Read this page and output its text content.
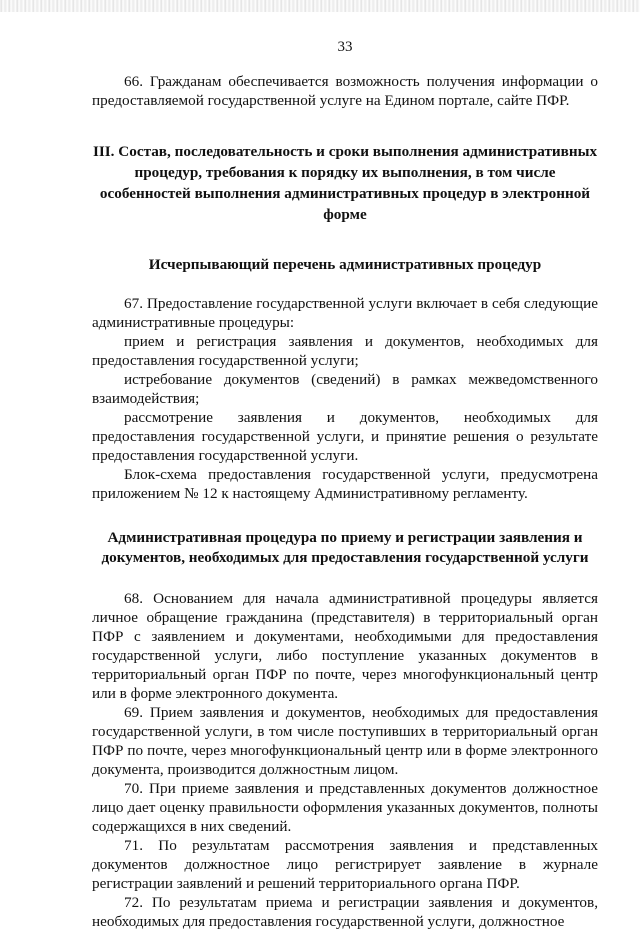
33

66. Гражданам обеспечивается возможность получения информации о предоставляемой государственной услуге на Едином портале, сайте ПФР.

III. Состав, последовательность и сроки выполнения административных процедур, требования к порядку их выполнения, в том числе особенностей выполнения административных процедур в электронной форме
Исчерпывающий перечень административных процедур

67. Предоставление государственной услуги включает в себя следующие административные процедуры:

прием и регистрация заявления и документов, необходимых для предоставления государственной услуги;

истребование документов (сведений) в рамках межведомственного взаимодействия;

рассмотрение заявления и документов, необходимых для предоставления государственной услуги, и принятие решения о результате предоставления государственной услуги.

Блок-схема предоставления государственной услуги, предусмотрена приложением № 12 к настоящему Административному регламенту.

Административная процедура по приему и регистрации заявления и документов, необходимых для предоставления государственной услуги

68. Основанием для начала административной процедуры является личное обращение гражданина (представителя) в территориальный орган ПФР с заявлением и документами, необходимыми для предоставления государственной услуги, либо поступление указанных документов в территориальный орган ПФР по почте, через многофункциональный центр или в форме электронного документа.

69. Прием заявления и документов, необходимых для предоставления государственной услуги, в том числе поступивших в территориальный орган ПФР по почте, через многофункциональный центр или в форме электронного документа, производится должностным лицом.

70. При приеме заявления и представленных документов должностное лицо дает оценку правильности оформления указанных документов, полноты содержащихся в них сведений.

71. По результатам рассмотрения заявления и представленных документов должностное лицо регистрирует заявление в журнале регистрации заявлений и решений территориального органа ПФР.

72. По результатам приема и регистрации заявления и документов, необходимых для предоставления государственной услуги, должностное
